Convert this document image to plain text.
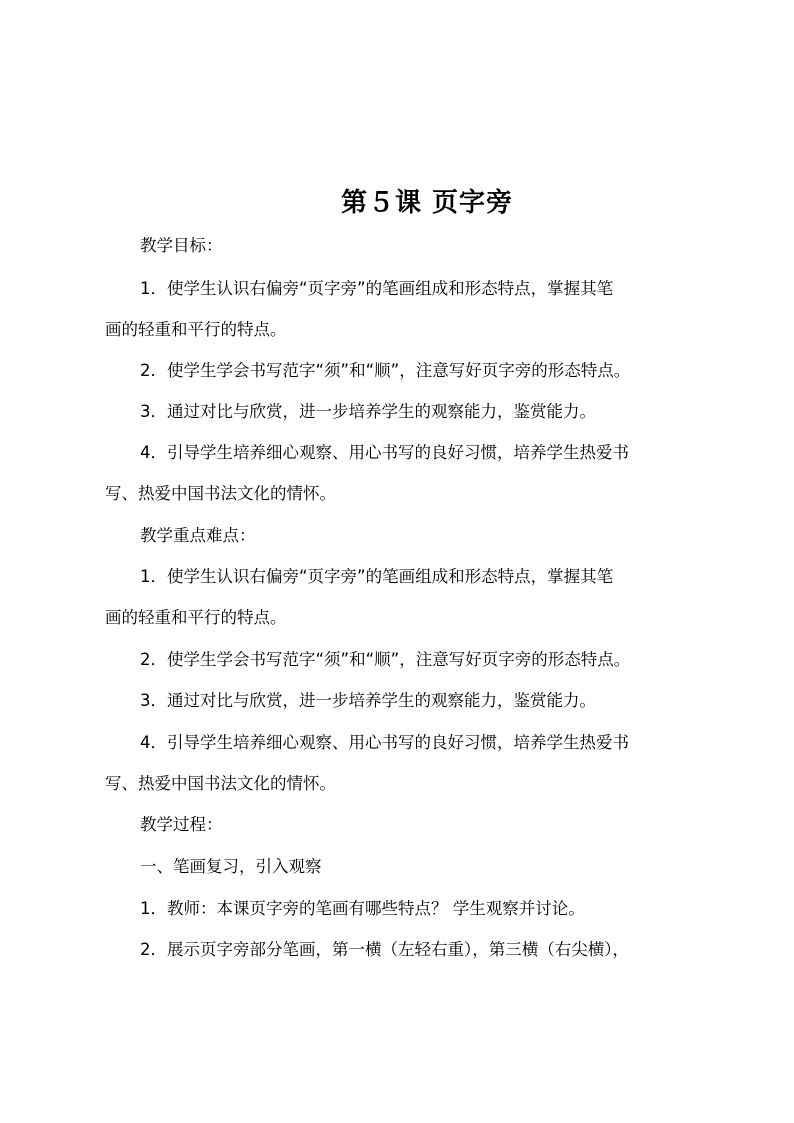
第５课 页字旁
教学目标：
1．使学生认识右偏旁“页字旁”的笔画组成和形态特点，掌握其笔
画的轻重和平行的特点。
2．使学生学会书写范字“须”和“顺”，注意写好页字旁的形态特点。
3．通过对比与欣赏，进一步培养学生的观察能力，鉴赏能力。
4．引导学生培养细心观察、用心书写的良好习惯，培养学生热爱书
写、热爱中国书法文化的情怀。
教学重点难点：
1．使学生认识右偏旁“页字旁”的笔画组成和形态特点，掌握其笔
画的轻重和平行的特点。
2．使学生学会书写范字“须”和“顺”，注意写好页字旁的形态特点。
3．通过对比与欣赏，进一步培养学生的观察能力，鉴赏能力。
4．引导学生培养细心观察、用心书写的良好习惯，培养学生热爱书
写、热爱中国书法文化的情怀。
教学过程：
一、笔画复习，引入观察
1．教师：本课页字旁的笔画有哪些特点？ 学生观察并讨论。
2．展示页字旁部分笔画，第一横（左轻右重），第三横（右尖横），
